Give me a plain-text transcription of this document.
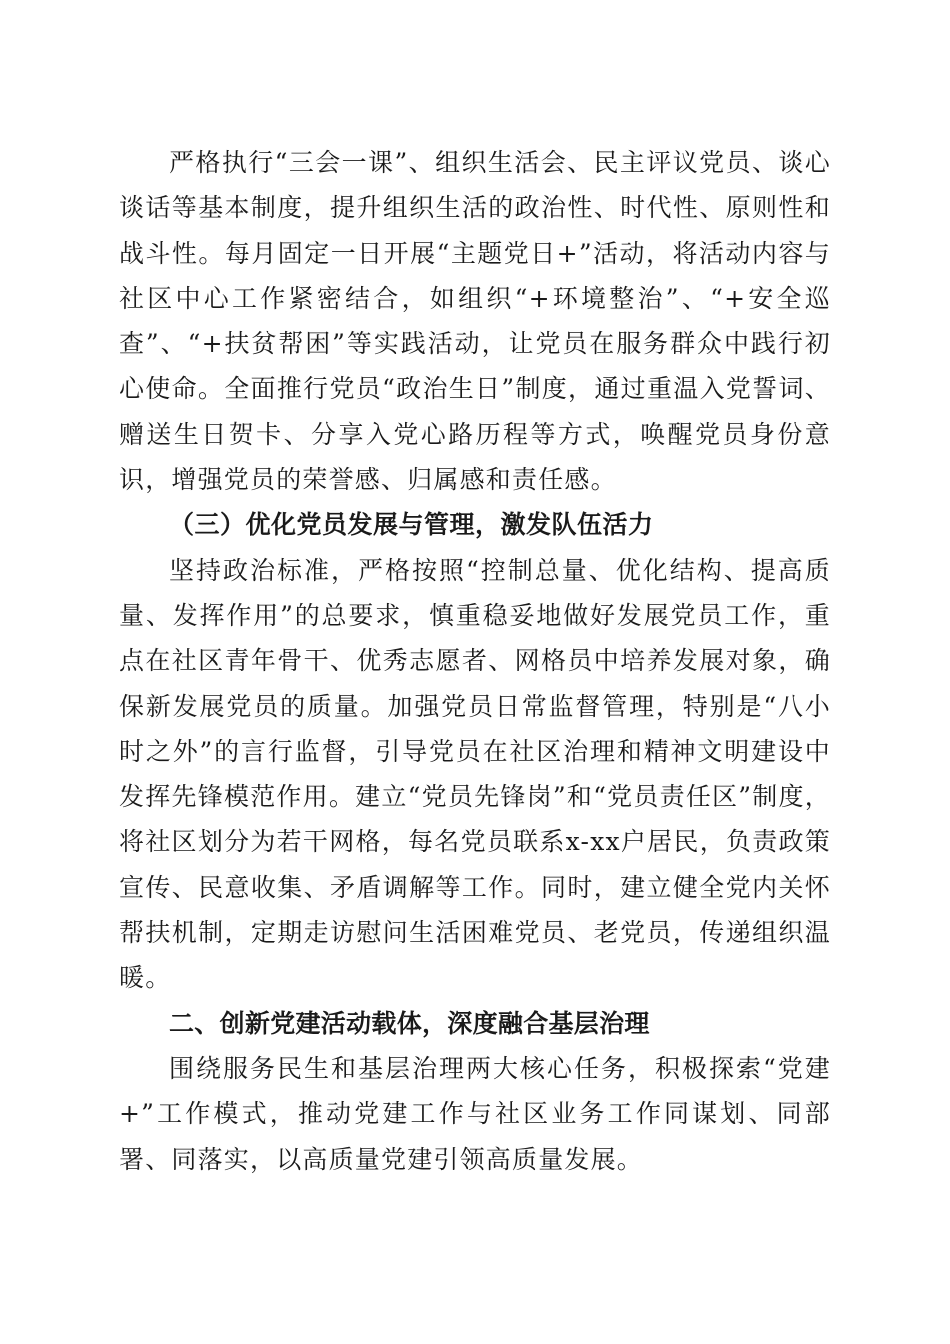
严格执行“三会一课”、组织生活会、民主评议党员、谈心谈话等基本制度，提升组织生活的政治性、时代性、原则性和战斗性。每月固定一日开展“主题党日+”活动，将活动内容与社区中心工作紧密结合，如组织“+环境整治”、“+安全巡查”、“+扶贫帮困”等实践活动，让党员在服务群众中践行初心使命。全面推行党员“政治生日”制度，通过重温入党誓词、赠送生日贺卡、分享入党心路历程等方式，唤醒党员身份意识，增强党员的荣誉感、归属感和责任感。

（三）优化党员发展与管理，激发队伍活力

坚持政治标准，严格按照“控制总量、优化结构、提高质量、发挥作用”的总要求，慎重稳妥地做好发展党员工作，重点在社区青年骨干、优秀志愿者、网格员中培养发展对象，确保新发展党员的质量。加强党员日常监督管理，特别是“八小时之外”的言行监督，引导党员在社区治理和精神文明建设中发挥先锋模范作用。建立“党员先锋岗”和“党员责任区”制度，将社区划分为若干网格，每名党员联系x-xx户居民，负责政策宣传、民意收集、矛盾调解等工作。同时，建立健全党内关怀帮扶机制，定期走访慰问生活困难党员、老党员，传递组织温暖。

二、创新党建活动载体，深度融合基层治理

围绕服务民生和基层治理两大核心任务，积极探索“党建+”工作模式，推动党建工作与社区业务工作同谋划、同部署、同落实，以高质量党建引领高质量发展。
